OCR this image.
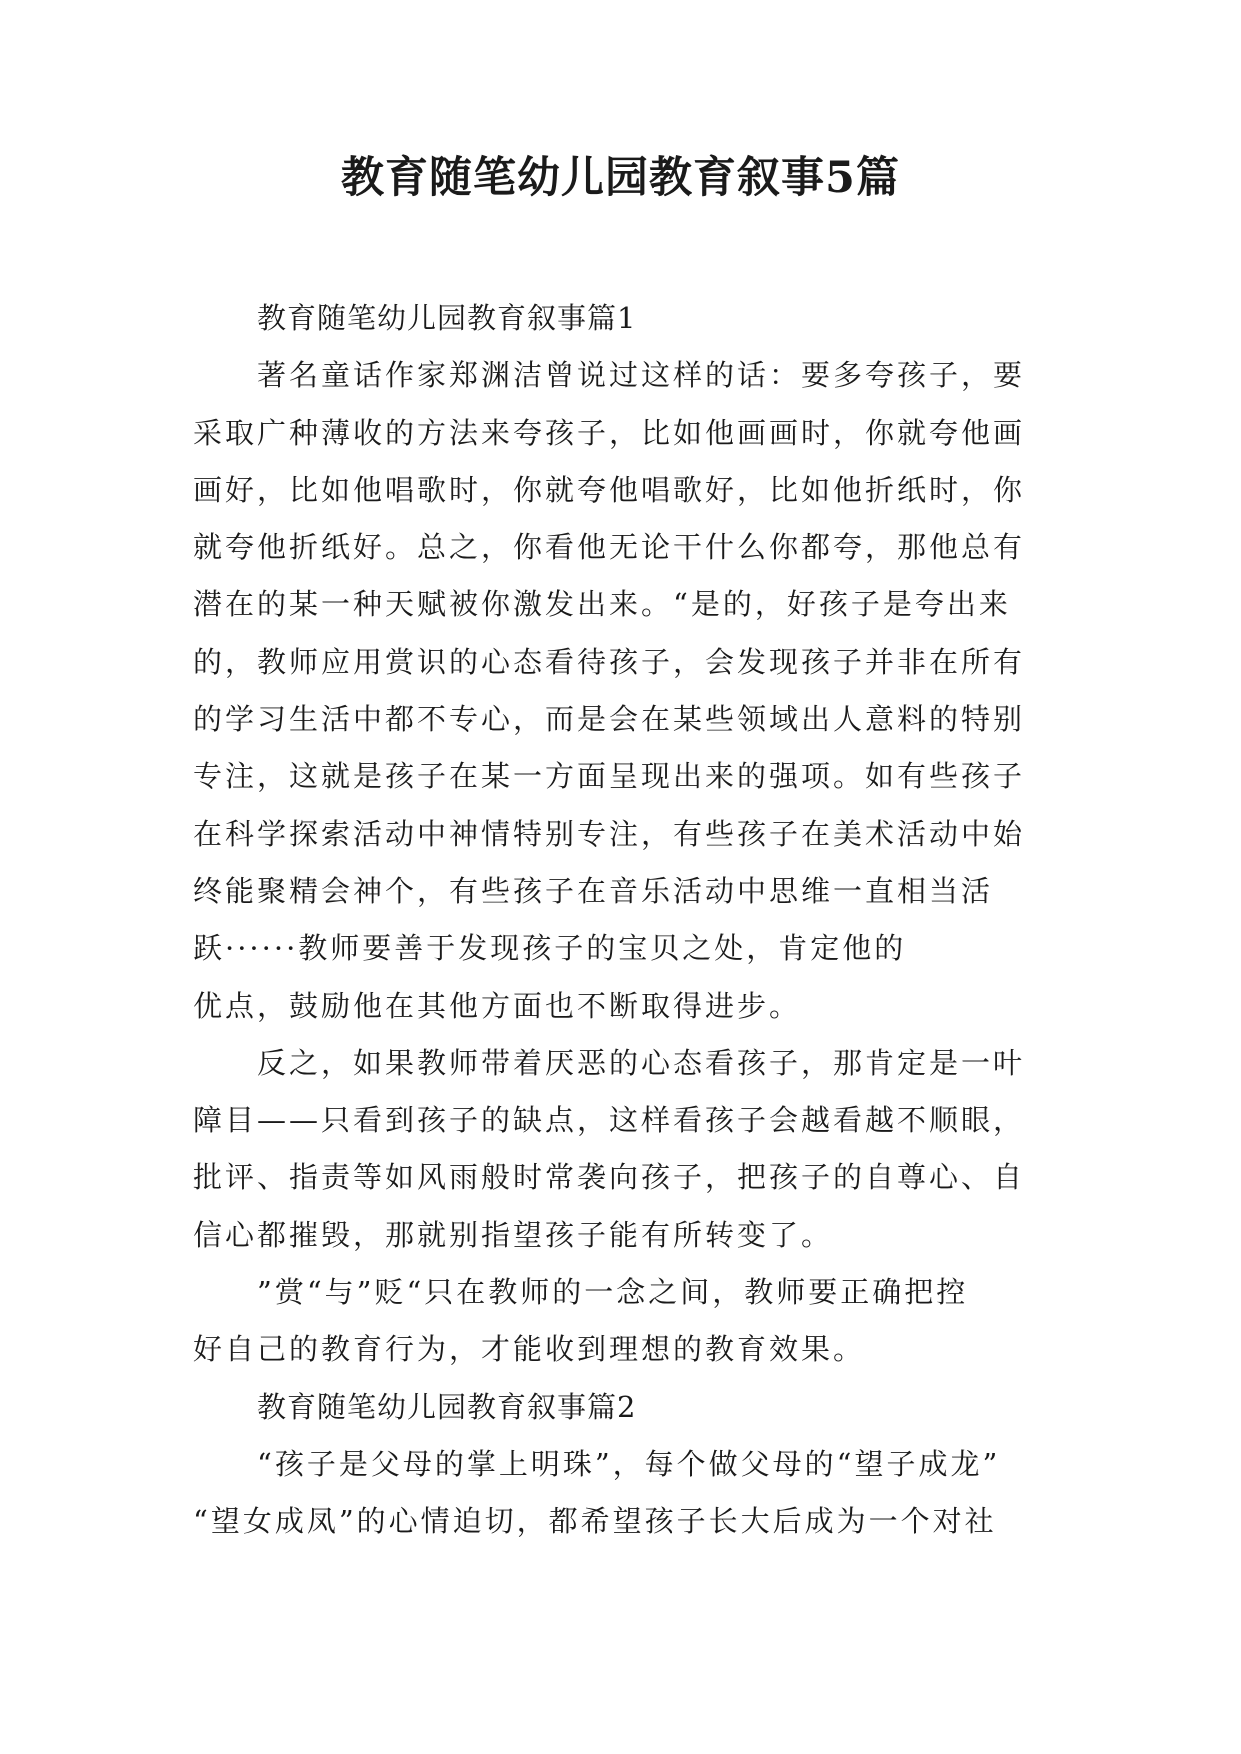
教育随笔幼儿园教育叙事5篇
教育随笔幼儿园教育叙事篇1
著名童话作家郑渊洁曾说过这样的话：要多夸孩子，要
采取广种薄收的方法来夸孩子，比如他画画时，你就夸他画
画好，比如他唱歌时，你就夸他唱歌好，比如他折纸时，你
就夸他折纸好。总之，你看他无论干什么你都夸，那他总有
潜在的某一种天赋被你激发出来。“是的，好孩子是夸出来
的，教师应用赏识的心态看待孩子，会发现孩子并非在所有
的学习生活中都不专心，而是会在某些领域出人意料的特别
专注，这就是孩子在某一方面呈现出来的强项。如有些孩子
在科学探索活动中神情特别专注，有些孩子在美术活动中始
终能聚精会神个，有些孩子在音乐活动中思维一直相当活
跃······教师要善于发现孩子的宝贝之处，肯定他的
优点，鼓励他在其他方面也不断取得进步。
反之，如果教师带着厌恶的心态看孩子，那肯定是一叶
障目——只看到孩子的缺点，这样看孩子会越看越不顺眼，
批评、指责等如风雨般时常袭向孩子，把孩子的自尊心、自
信心都摧毁，那就别指望孩子能有所转变了。
”赏“与”贬“只在教师的一念之间，教师要正确把控
好自己的教育行为，才能收到理想的教育效果。
教育随笔幼儿园教育叙事篇2
“孩子是父母的掌上明珠”，每个做父母的“望子成龙”
“望女成凤”的心情迫切，都希望孩子长大后成为一个对社
